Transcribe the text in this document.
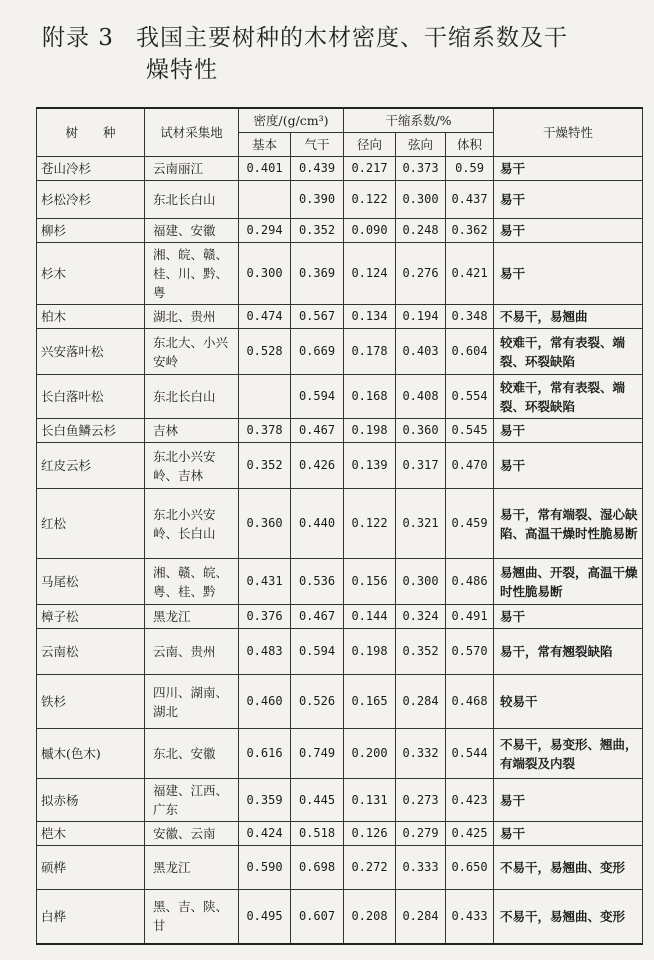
附录 3 我国主要树种的木材密度、干缩系数及干
燥特性
树　　种	试材采集地	密度/(g/cm³)		干缩系数/%			干燥特性
		基本	气干	径向	弦向	体积	
苍山冷杉	云南丽江	0.401	0.439	0.217	0.373	0.59	易干
杉松冷杉	东北长白山		0.390	0.122	0.300	0.437	易干
柳杉	福建、安徽	0.294	0.352	0.090	0.248	0.362	易干
杉木	湘、皖、赣、桂、川、黔、粤	0.300	0.369	0.124	0.276	0.421	易干
柏木	湖北、贵州	0.474	0.567	0.134	0.194	0.348	不易干，易翘曲
兴安落叶松	东北大、小兴安岭	0.528	0.669	0.178	0.403	0.604	较难干，常有表裂、端裂、环裂缺陷
长白落叶松	东北长白山		0.594	0.168	0.408	0.554	较难干，常有表裂、端裂、环裂缺陷
长白鱼鳞云杉	吉林	0.378	0.467	0.198	0.360	0.545	易干
红皮云杉	东北小兴安岭、吉林	0.352	0.426	0.139	0.317	0.470	易干
红松	东北小兴安岭、长白山	0.360	0.440	0.122	0.321	0.459	易干，常有端裂、湿心缺陷、高温干燥时性脆易断
马尾松	湘、赣、皖、粤、桂、黔	0.431	0.536	0.156	0.300	0.486	易翘曲、开裂，高温干燥时性脆易断
樟子松	黑龙江	0.376	0.467	0.144	0.324	0.491	易干
云南松	云南、贵州	0.483	0.594	0.198	0.352	0.570	易干，常有翘裂缺陷
铁杉	四川、湖南、湖北	0.460	0.526	0.165	0.284	0.468	较易干
槭木(色木)	东北、安徽	0.616	0.749	0.200	0.332	0.544	不易干，易变形、翘曲，有端裂及内裂
拟赤杨	福建、江西、广东	0.359	0.445	0.131	0.273	0.423	易干
桤木	安徽、云南	0.424	0.518	0.126	0.279	0.425	易干
硕桦	黑龙江	0.590	0.698	0.272	0.333	0.650	不易干，易翘曲、变形
白桦	黑、吉、陕、甘	0.495	0.607	0.208	0.284	0.433	不易干，易翘曲、变形
